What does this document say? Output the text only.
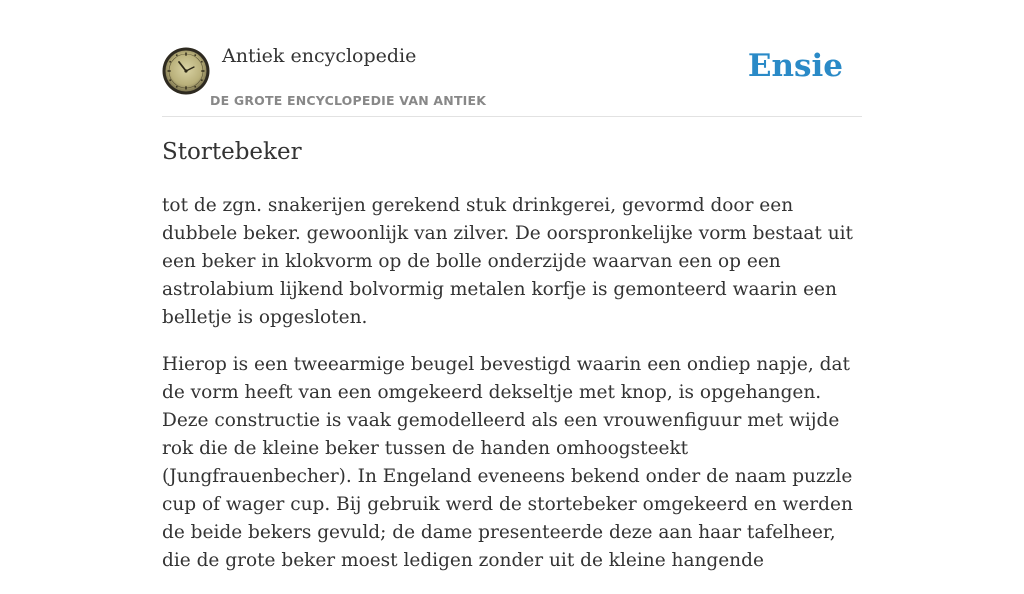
Antiek encyclopedie
DE GROTE ENCYCLOPEDIE VAN ANTIEK
Ensie
Stortebeker

tot de zgn. snakerijen gerekend stuk drinkgerei, gevormd door een dubbele beker. gewoonlijk van zilver. De oorspronkelijke vorm bestaat uit een beker in klokvorm op de bolle onderzijde waarvan een op een astrolabium lijkend bolvormig metalen korfje is gemonteerd waarin een belletje is opgesloten.

Hierop is een tweearmige beugel bevestigd waarin een ondiep napje, dat de vorm heeft van een omgekeerd dekseltje met knop, is opgehangen. Deze constructie is vaak gemodelleerd als een vrouwenfiguur met wijde rok die de kleine beker tussen de handen omhoogsteekt (Jungfrauenbecher). In Engeland eveneens bekend onder de naam puzzle cup of wager cup. Bij gebruik werd de stortebeker omgekeerd en werden de beide bekers gevuld; de dame presenteerde deze aan haar tafelheer, die de grote beker moest ledigen zonder uit de kleine hangende
